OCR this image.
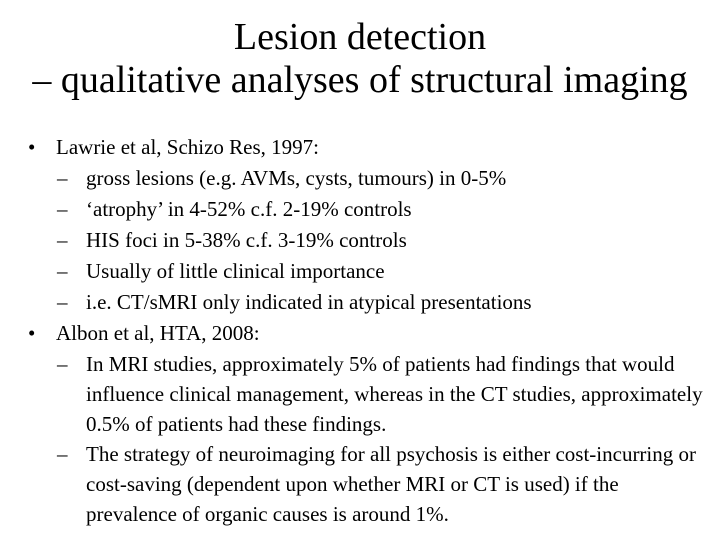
Lesion detection
– qualitative analyses of structural imaging
• Lawrie et al, Schizo Res, 1997:
– gross lesions (e.g. AVMs, cysts, tumours) in 0-5%
– ‘atrophy’ in 4-52% c.f. 2-19% controls
– HIS foci in 5-38% c.f. 3-19% controls
– Usually of little clinical importance
– i.e. CT/sMRI only indicated in atypical presentations
• Albon et al, HTA, 2008:
– In MRI studies, approximately 5% of patients had findings that would influence clinical management, whereas in the CT studies, approximately 0.5% of patients had these findings.
– The strategy of neuroimaging for all psychosis is either cost-incurring or cost-saving (dependent upon whether MRI or CT is used) if the prevalence of organic causes is around 1%.
